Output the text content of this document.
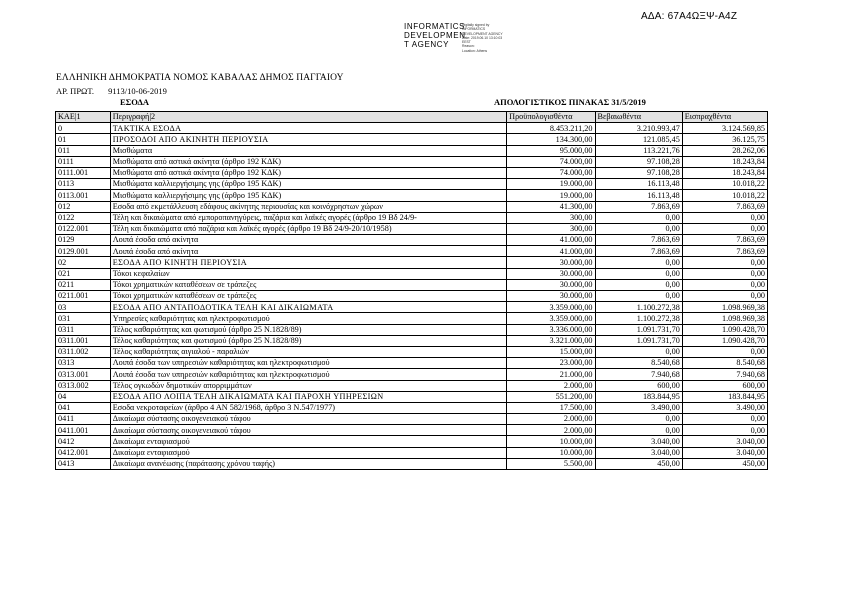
ΑΔΑ: 67Α4ΩΞΨ-Α4Ζ
INFORMATICS
DEVELOPMEN
T AGENCY
Digitally signed by
INFORMATICS
DEVELOPMENT AGENCY
Date: 2019.06.10 13:10:03
EEST
Reason:
Location: Athens
ΕΛΛΗΝΙΚΗ ΔΗΜΟΚΡΑΤΙΑ ΝΟΜΟΣ ΚΑΒΑΛΑΣ ΔΗΜΟΣ ΠΑΓΓΑΙΟΥ
ΑΡ. ΠΡΩΤ. 9113/10-06-2019
ΕΣΟΔΑ	ΑΠΟΛΟΓΙΣΤΙΚΟΣ ΠΙΝΑΚΑΣ 31/5/2019
ΚΑΕ|1	Περιγραφή|2	Προϋπολογισθέντα	Βεβαιωθέντα	Εισπραχθέντα
0	ΤΑΚΤΙΚΑ ΕΣΟΔΑ	8.453.211,20	3.210.993,47	3.124.569,85
01	ΠΡΟΣΟΔΟΙ ΑΠΟ ΑΚΙΝΗΤΗ ΠΕΡΙΟΥΣΙΑ	134.300,00	121.085,45	36.125,75
011	Μισθώματα	95.000,00	113.221,76	28.262,06
0111	Μισθώματα από αστικά ακίνητα (άρθρο 192 ΚΔΚ)	74.000,00	97.108,28	18.243,84
0111.001	Μισθώματα από αστικά ακίνητα (άρθρο 192 ΚΔΚ)	74.000,00	97.108,28	18.243,84
0113	Μισθώματα καλλιεργήσιμης γης (άρθρο 195 ΚΔΚ)	19.000,00	16.113,48	10.018,22
0113.001	Μισθώματα καλλιεργήσιμης γης (άρθρο 195 ΚΔΚ)	19.000,00	16.113,48	10.018,22
012	Εσοδα από εκμετάλλευση εδάφους ακίνητης περιουσίας και κοινόχρηστων χώρων	41.300,00	7.863,69	7.863,69
0122	Τέλη και δικαιώματα από εμποροπανηγύρεις, παζάρια και λαϊκές αγορές (άρθρο 19 Βδ 24/9-	300,00	0,00	0,00
0122.001	Τέλη και δικαιώματα από παζάρια και λαϊκές αγορές (άρθρο 19 Βδ 24/9-20/10/1958)	300,00	0,00	0,00
0129	Λοιπά έσοδα από ακίνητα	41.000,00	7.863,69	7.863,69
0129.001	Λοιπά έσοδα από ακίνητα	41.000,00	7.863,69	7.863,69
02	ΕΣΟΔΑ ΑΠΟ ΚΙΝΗΤΗ ΠΕΡΙΟΥΣΙΑ	30.000,00	0,00	0,00
021	Τόκοι κεφαλαίων	30.000,00	0,00	0,00
0211	Τόκοι χρηματικών καταθέσεων σε τράπεζες	30.000,00	0,00	0,00
0211.001	Τόκοι χρηματικών καταθέσεων σε τράπεζες	30.000,00	0,00	0,00
03	ΕΣΟΔΑ ΑΠΟ ΑΝΤΑΠΟΔΟΤΙΚΑ ΤΕΛΗ ΚΑΙ ΔΙΚΑΙΩΜΑΤΑ	3.359.000,00	1.100.272,38	1.098.969,38
031	Υπηρεσίες καθαριότητας και ηλεκτροφωτισμού	3.359.000,00	1.100.272,38	1.098.969,38
0311	Τέλος καθαριότητας και φωτισμού (άρθρο 25 Ν.1828/89)	3.336.000,00	1.091.731,70	1.090.428,70
0311.001	Τέλος καθαριότητας και φωτισμού (άρθρο 25 Ν.1828/89)	3.321.000,00	1.091.731,70	1.090.428,70
0311.002	Τέλος καθαριότητας αιγιαλού - παραλιών	15.000,00	0,00	0,00
0313	Λοιπά έσοδα των υπηρεσιών καθαριότητας και ηλεκτροφωτισμού	23.000,00	8.540,68	8.540,68
0313.001	Λοιπά έσοδα των υπηρεσιών καθαριότητας και ηλεκτροφωτισμού	21.000,00	7.940,68	7.940,68
0313.002	Τέλος ογκωδών δημοτικών απορριμμάτων	2.000,00	600,00	600,00
04	ΕΣΟΔΑ ΑΠΟ ΛΟΙΠΑ ΤΕΛΗ ΔΙΚΑΙΩΜΑΤΑ ΚΑΙ ΠΑΡΟΧΗ ΥΠΗΡΕΣΙΩΝ	551.200,00	183.844,95	183.844,95
041	Εσοδα νεκροταφείων (άρθρο 4 ΑΝ 582/1968, άρθρο 3 Ν.547/1977)	17.500,00	3.490,00	3.490,00
0411	Δικαίωμα σύστασης οικογενειακού τάφου	2.000,00	0,00	0,00
0411.001	Δικαίωμα σύστασης οικογενειακού τάφου	2.000,00	0,00	0,00
0412	Δικαίωμα ενταφιασμού	10.000,00	3.040,00	3.040,00
0412.001	Δικαίωμα ενταφιασμού	10.000,00	3.040,00	3.040,00
0413	Δικαίωμα ανανέωσης (παράτασης χρόνου ταφής)	5.500,00	450,00	450,00
